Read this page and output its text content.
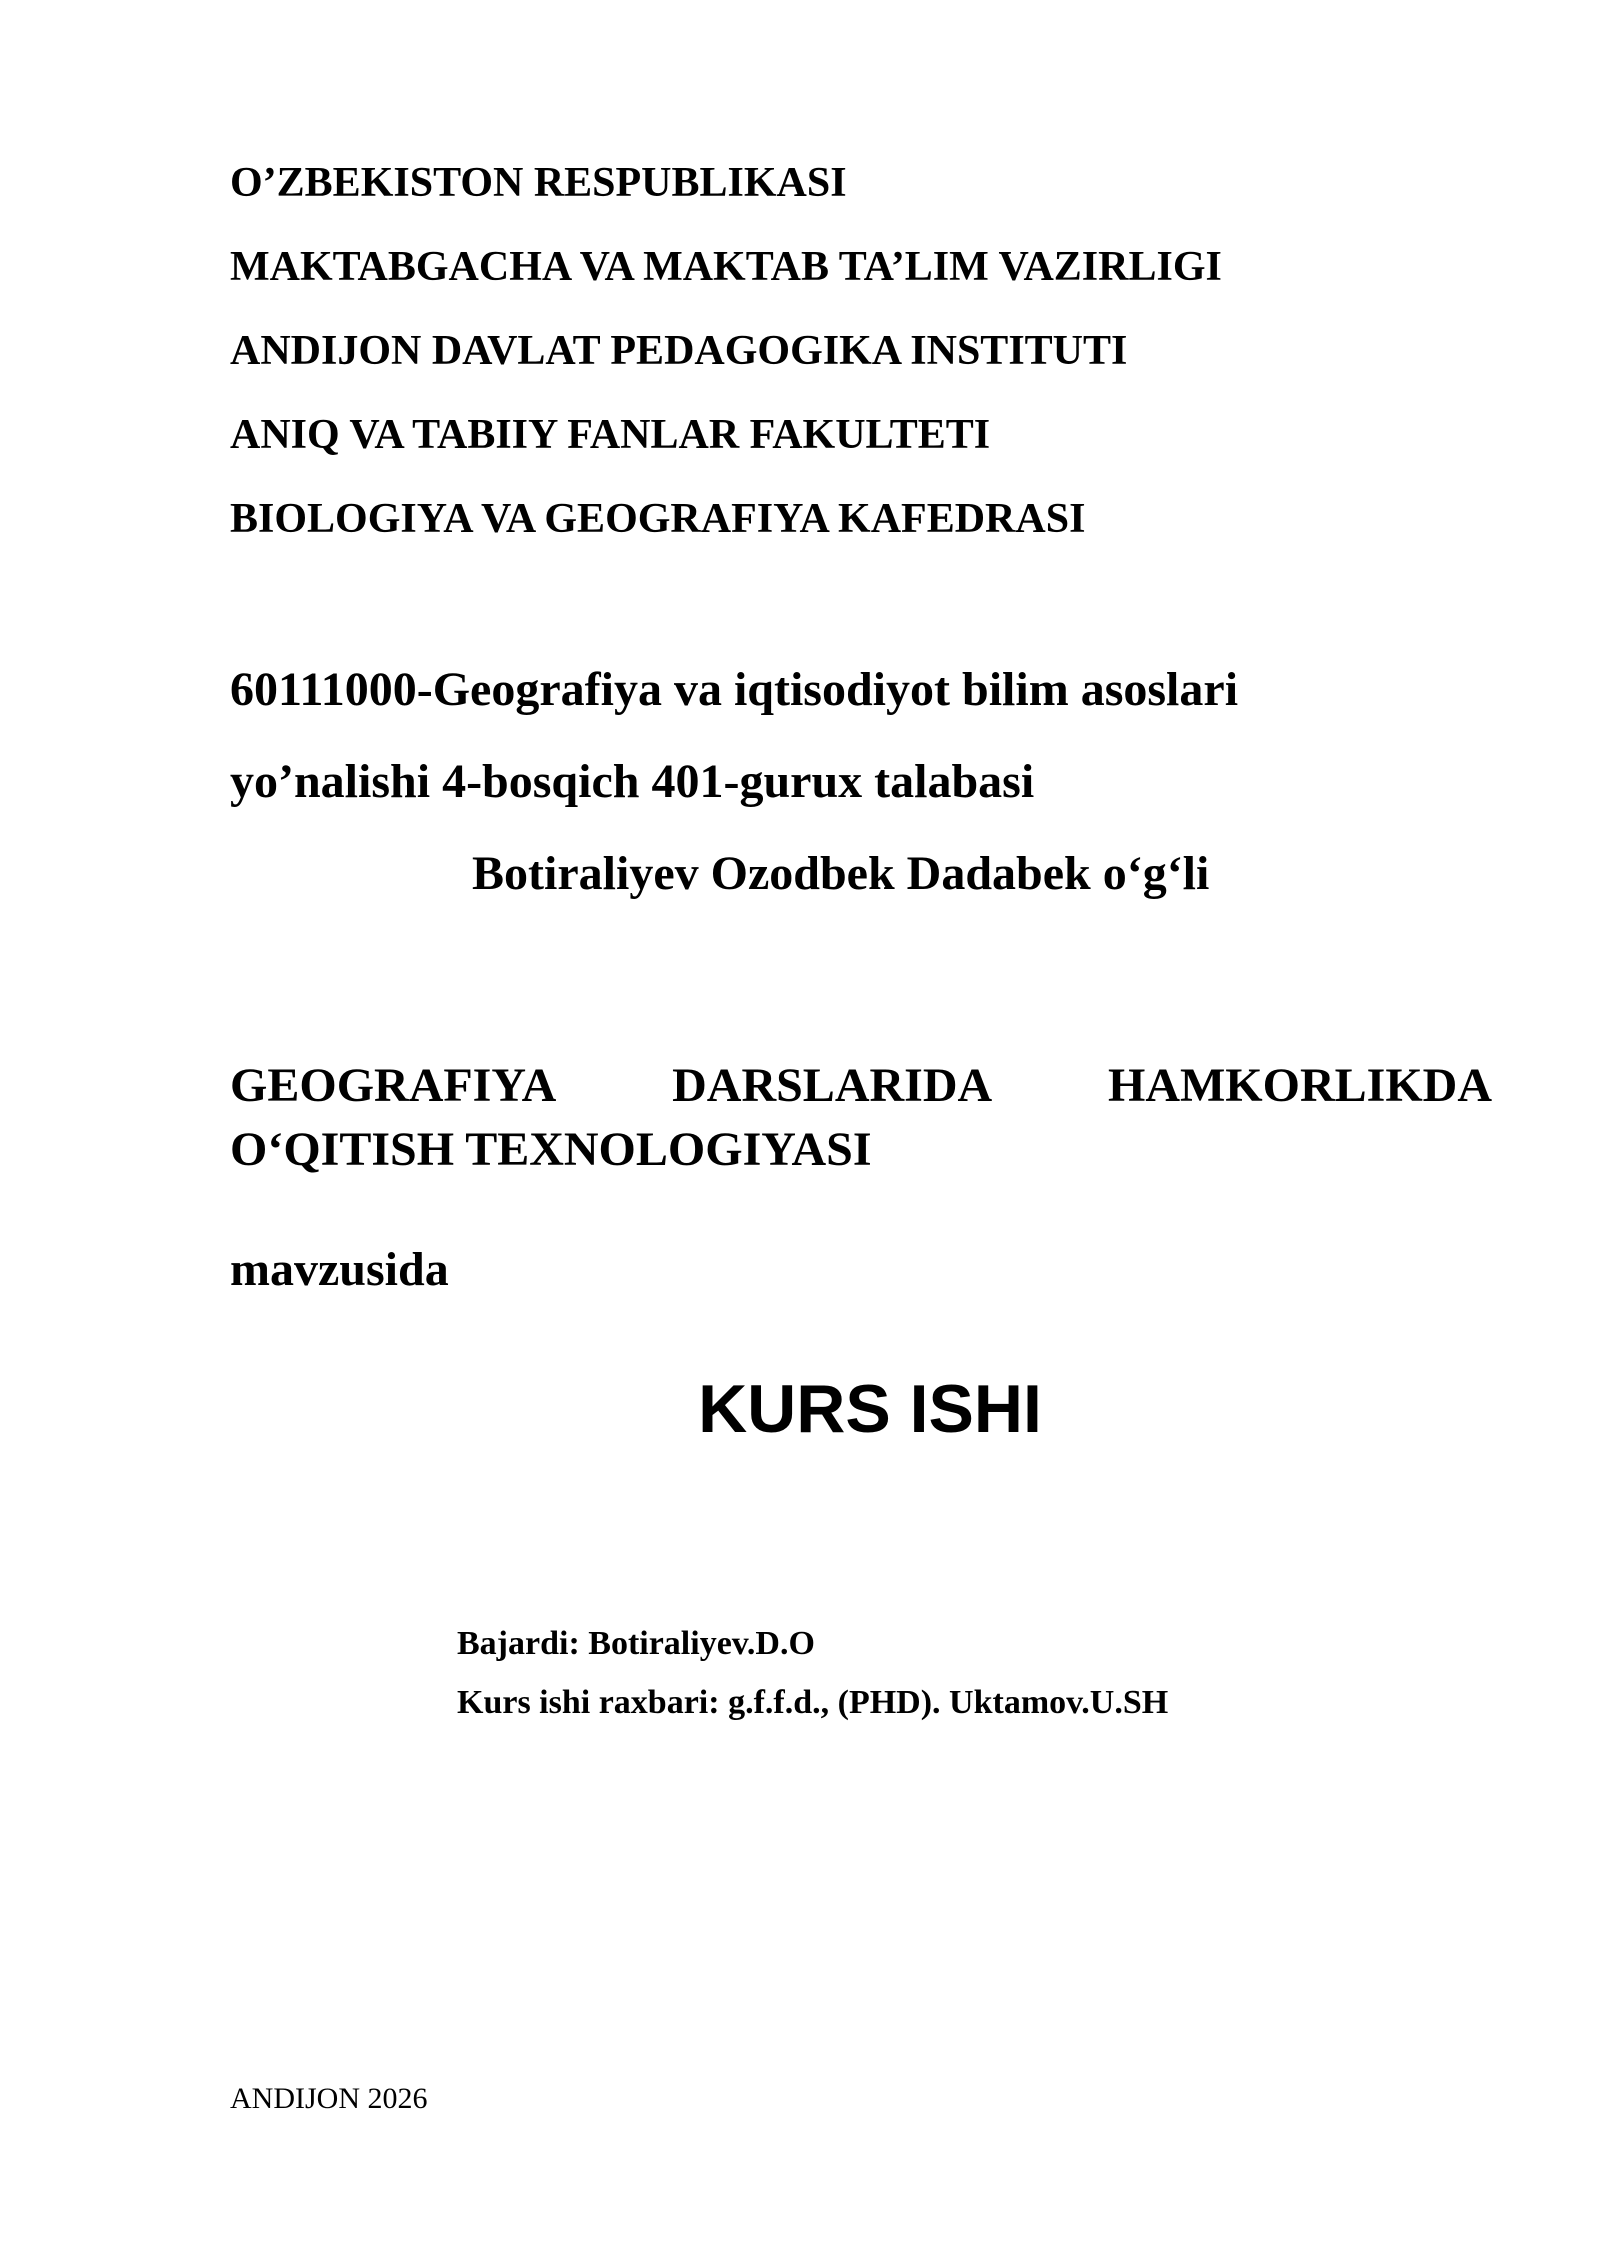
O’ZBEKISTON RESPUBLIKASI

MAKTABGACHA VA MAKTAB TA’LIM VAZIRLIGI

ANDIJON DAVLAT PEDAGOGIKA INSTITUTI

ANIQ VA TABIIY FANLAR FAKULTETI

BIOLOGIYA VA GEOGRAFIYA KAFEDRASI

60111000-Geografiya va iqtisodiyot bilim asoslari

yo’nalishi 4-bosqich 401-gurux talabasi

Botiraliyev Ozodbek Dadabek o‘g‘li

GEOGRAFIYA DARSLARIDA HAMKORLIKDA

O‘QITISH TEXNOLOGIYASI

mavzusida

KURS ISHI

Bajardi: Botiraliyev.D.O

Kurs ishi raxbari: g.f.f.d., (PHD). Uktamov.U.SH

ANDIJON 2026
